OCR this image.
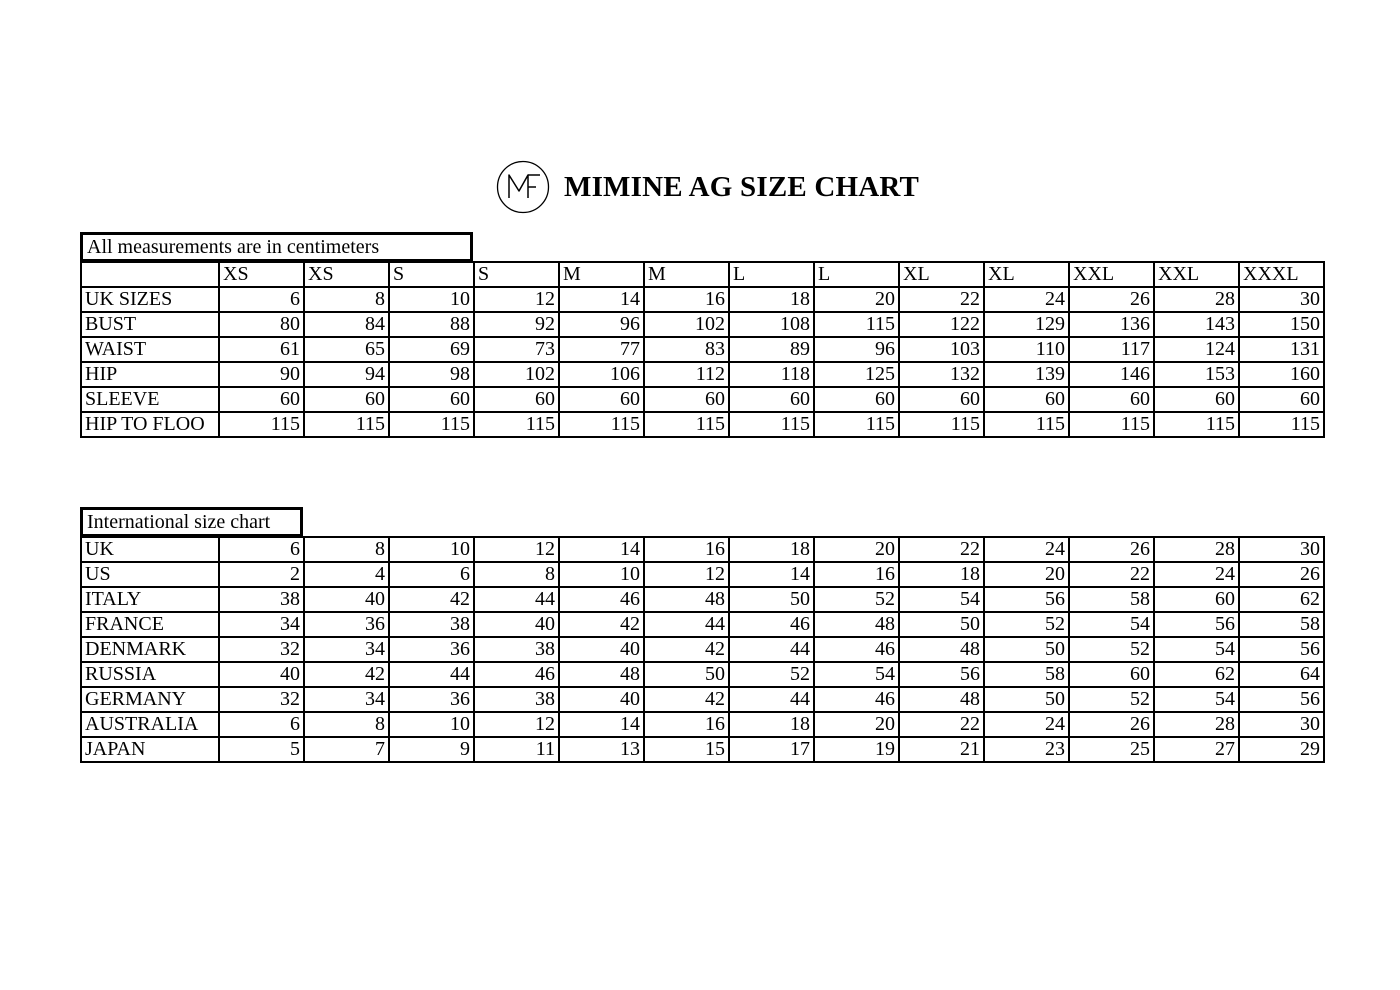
MIMINE AG SIZE CHART
All measurements are in centimeters
	XS	XS	S	S	M	M	L	L	XL	XL	XXL	XXL	XXXL
UK SIZES	6	8	10	12	14	16	18	20	22	24	26	28	30
BUST	80	84	88	92	96	102	108	115	122	129	136	143	150
WAIST	61	65	69	73	77	83	89	96	103	110	117	124	131
HIP	90	94	98	102	106	112	118	125	132	139	146	153	160
SLEEVE	60	60	60	60	60	60	60	60	60	60	60	60	60
HIP TO FLOO	115	115	115	115	115	115	115	115	115	115	115	115	115
International size chart
UK	6	8	10	12	14	16	18	20	22	24	26	28	30
US	2	4	6	8	10	12	14	16	18	20	22	24	26
ITALY	38	40	42	44	46	48	50	52	54	56	58	60	62
FRANCE	34	36	38	40	42	44	46	48	50	52	54	56	58
DENMARK	32	34	36	38	40	42	44	46	48	50	52	54	56
RUSSIA	40	42	44	46	48	50	52	54	56	58	60	62	64
GERMANY	32	34	36	38	40	42	44	46	48	50	52	54	56
AUSTRALIA	6	8	10	12	14	16	18	20	22	24	26	28	30
JAPAN	5	7	9	11	13	15	17	19	21	23	25	27	29
